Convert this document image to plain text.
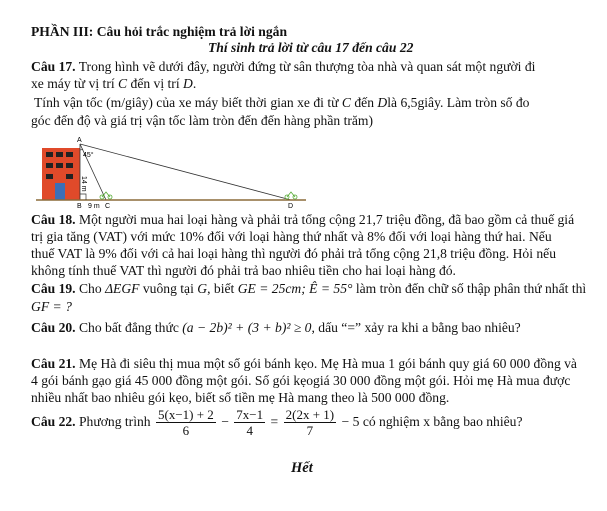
PHẦN III: Câu hỏi trắc nghiệm trả lời ngắn
Thí sinh trả lời từ câu 17 đến câu 22
Câu 17. Trong hình vẽ dưới đây, người đứng từ sân thượng tòa nhà và quan sát một người đi
xe máy từ vị trí C đến vị trí D.
Tính vận tốc (m/giây) của xe máy biết thời gian xe đi từ C đến Dlà 6,5giây. Làm tròn số đo
góc đến độ và giá trị vận tốc làm tròn đến đến hàng phần trăm)
A
45°
14 m
B 9 m C	D
Câu 18. Một người mua hai loại hàng và phải trả tổng cộng 21,7 triệu đồng, đã bao gồm cả thuế giá
trị gia tăng (VAT) với mức 10% đối với loại hàng thứ nhất và 8% đối với loại hàng thứ hai. Nếu
thuế VAT là 9% đối với cả hai loại hàng thì người đó phải trả tổng cộng 21,8 triệu đồng. Hỏi nếu
không tính thuế VAT thì người đó phải trả bao nhiêu tiền cho hai loại hàng đó.
Câu 19. Cho ΔEGF vuông tại G, biết GE = 25cm; Ê = 55° làm tròn đến chữ số thập phân thứ nhất thì
GF = ?
Câu 20. Cho bất đẳng thức (a − 2b)² + (3 + b)² ≥ 0, dấu “=” xảy ra khi a bằng bao nhiêu?
Câu 21. Mẹ Hà đi siêu thị mua một số gói bánh kẹo. Mẹ Hà mua 1 gói bánh quy giá 60 000 đồng và
4 gói bánh gạo giá 45 000 đồng một gói. Số gói kẹogiá 30 000 đồng một gói. Hỏi mẹ Hà mua được
nhiều nhất bao nhiêu gói kẹo, biết số tiền mẹ Hà mang theo là 500 000 đồng.
Câu 22. Phương trình $\frac{5(x-1) + 2}{6} - \frac{7x-1}{4} = \frac{2(2x + 1)}{7} - 5$ có nghiệm x bằng bao nhiêu?
Hết
